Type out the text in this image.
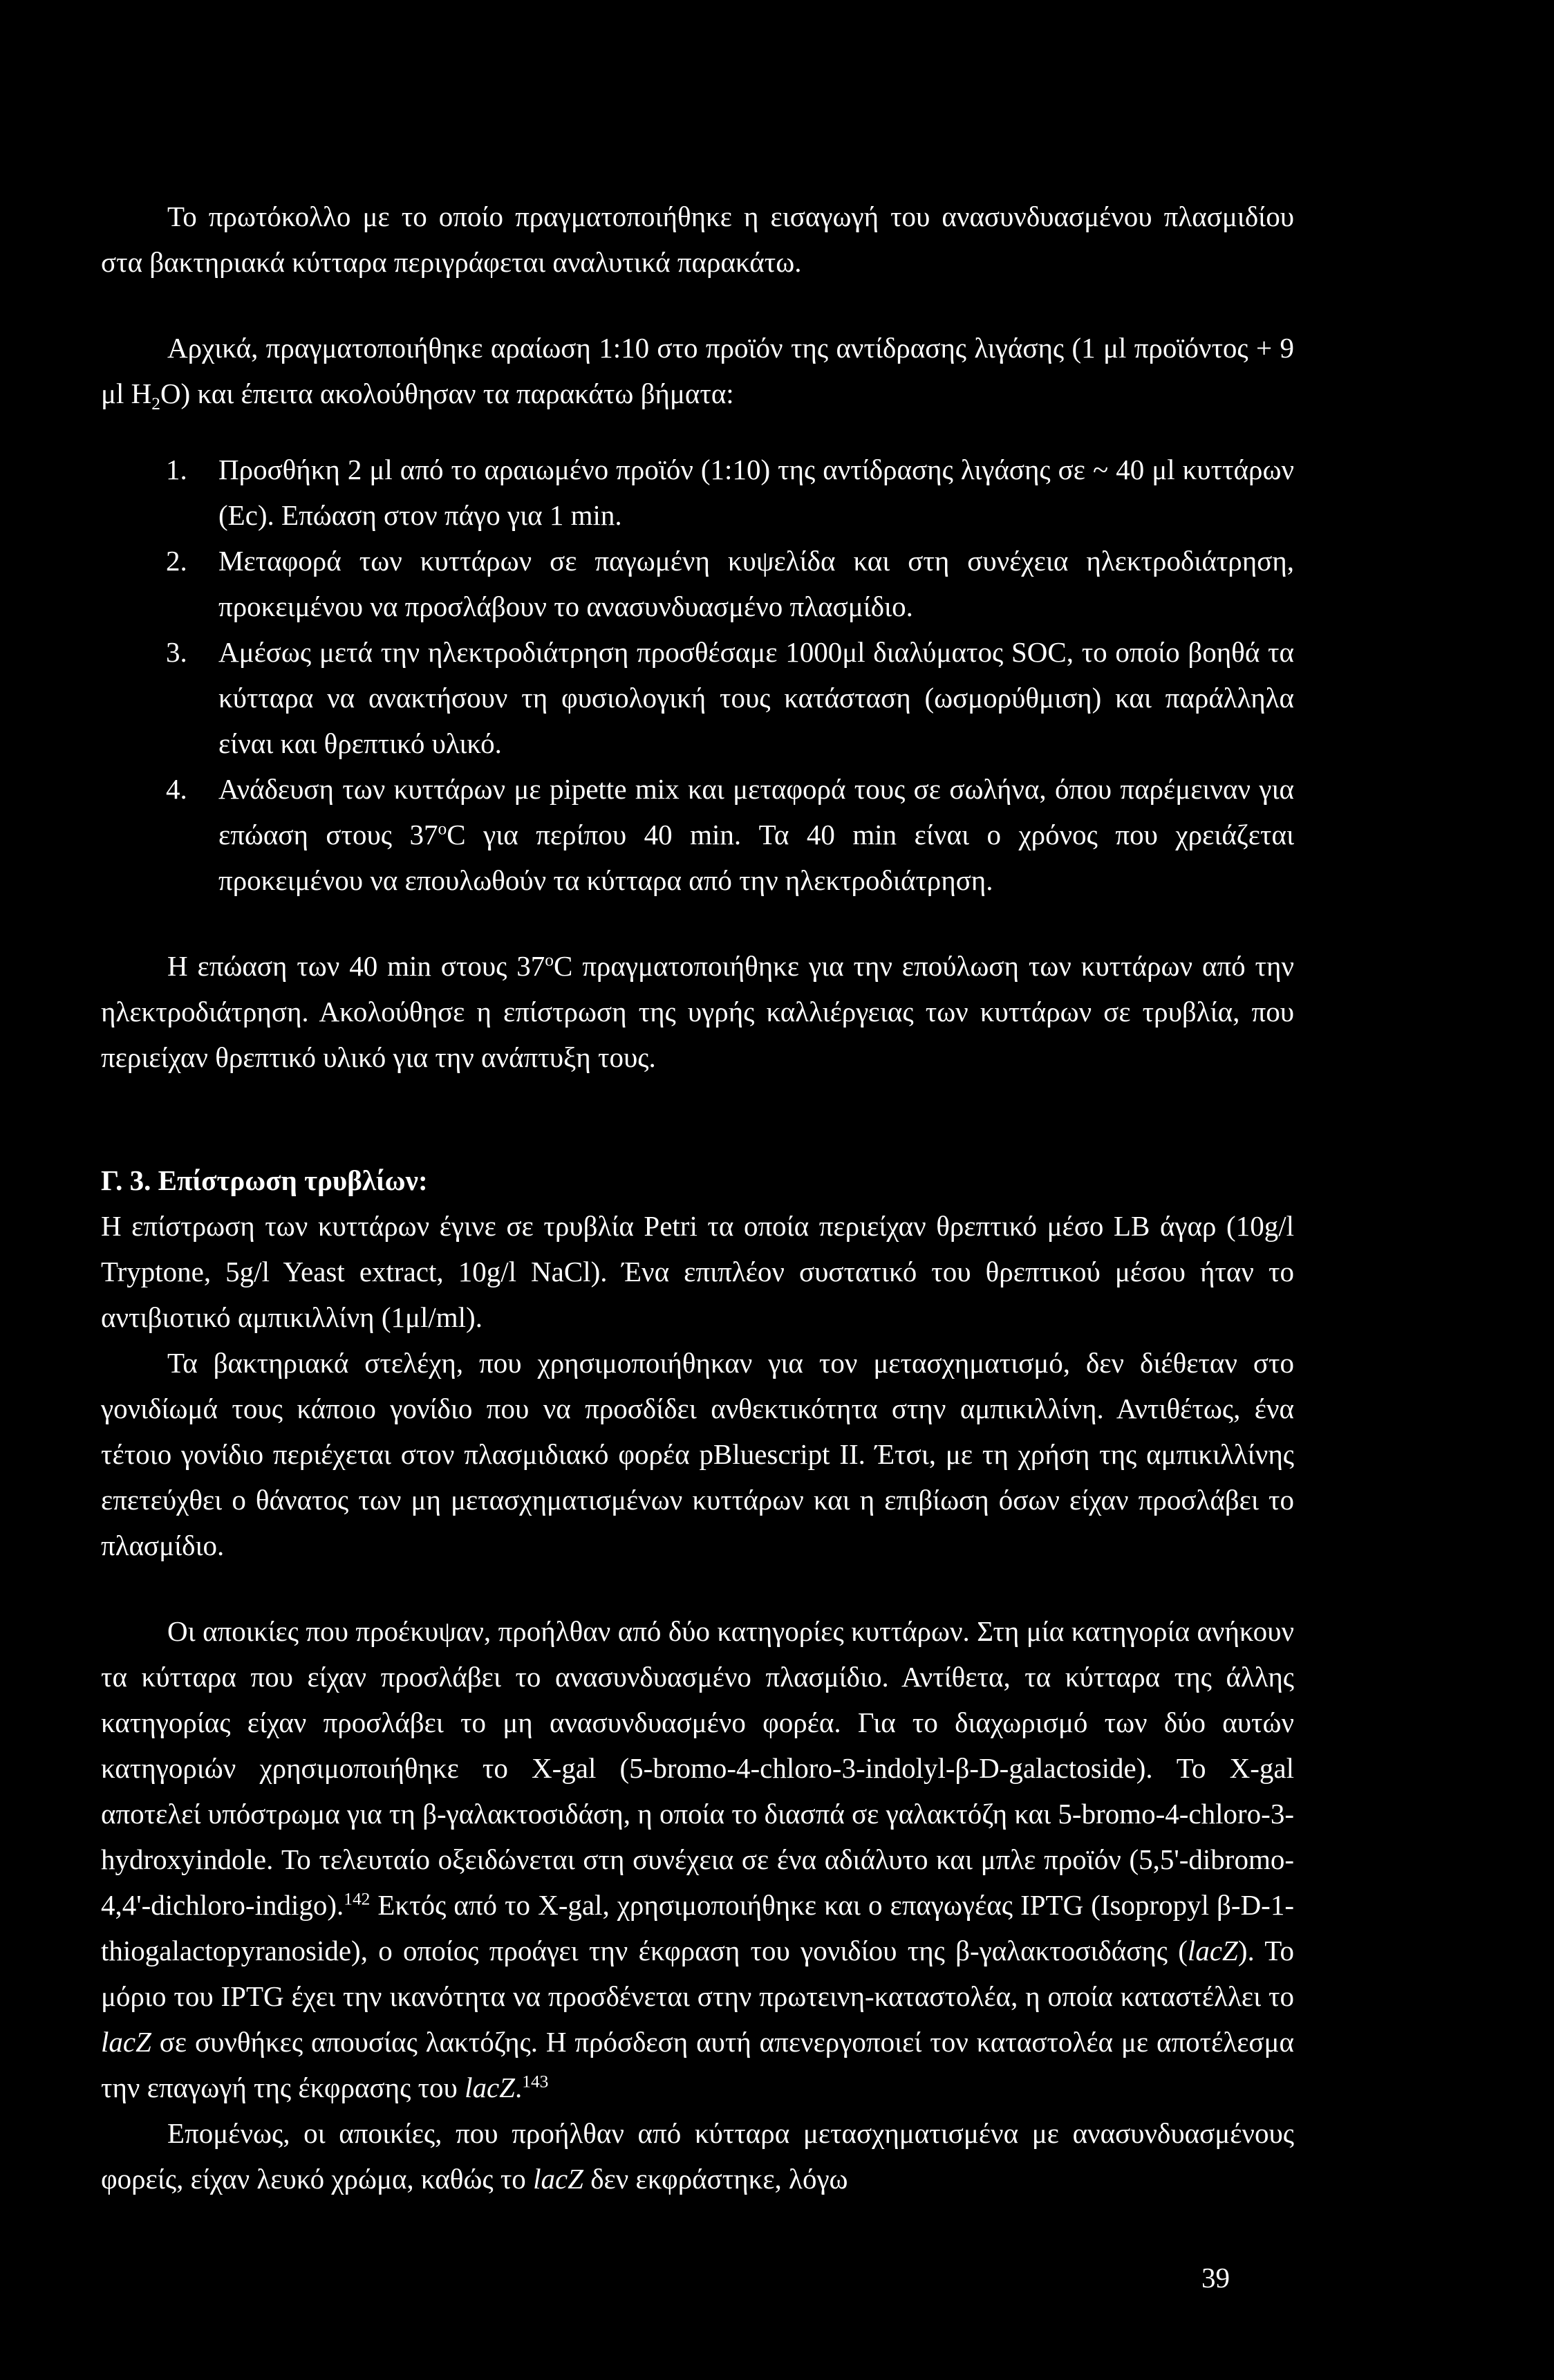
Το πρωτόκολλο με το οποίο πραγματοποιήθηκε η εισαγωγή του ανασυνδυασμένου πλασμιδίου στα βακτηριακά κύτταρα περιγράφεται αναλυτικά παρακάτω.

Αρχικά, πραγματοποιήθηκε αραίωση 1:10 στο προϊόν της αντίδρασης λιγάσης (1 μl προϊόντος + 9 μl $H_2O$) και έπειτα ακολούθησαν τα παρακάτω βήματα:

1. Προσθήκη 2 μl από το αραιωμένο προϊόν (1:10) της αντίδρασης λιγάσης σε ~ 40 μl κυττάρων (Ec). Επώαση στον πάγο για 1 min.
2. Μεταφορά των κυττάρων σε παγωμένη κυψελίδα και στη συνέχεια ηλεκτροδιάτρηση, προκειμένου να προσλάβουν το ανασυνδυασμένο πλασμίδιο.
3. Αμέσως μετά την ηλεκτροδιάτρηση προσθέσαμε 1000μl διαλύματος SOC, το οποίο βοηθά τα κύτταρα να ανακτήσουν τη φυσιολογική τους κατάσταση (ωσμορύθμιση) και παράλληλα είναι και θρεπτικό υλικό.
4. Ανάδευση των κυττάρων με pipette mix και μεταφορά τους σε σωλήνα, όπου παρέμειναν για επώαση στους 37$^o$C για περίπου 40 min. Τα 40 min είναι ο χρόνος που χρειάζεται προκειμένου να επουλωθούν τα κύτταρα από την ηλεκτροδιάτρηση.

Η επώαση των 40 min στους 37$^o$C πραγματοποιήθηκε για την επούλωση των κυττάρων από την ηλεκτροδιάτρηση. Ακολούθησε η επίστρωση της υγρής καλλιέργειας των κυττάρων σε τρυβλία, που περιείχαν θρεπτικό υλικό για την ανάπτυξη τους.

Γ. 3. Επίστρωση τρυβλίων:

Η επίστρωση των κυττάρων έγινε σε τρυβλία Petri τα οποία περιείχαν θρεπτικό μέσο LB άγαρ (10g/l Tryptone, 5g/l Yeast extract, 10g/l NaCl). Ένα επιπλέον συστατικό του θρεπτικού μέσου ήταν το αντιβιοτικό αμπικιλλίνη (1μl/ml).

Τα βακτηριακά στελέχη, που χρησιμοποιήθηκαν για τον μετασχηματισμό, δεν διέθεταν στο γονιδίωμά τους κάποιο γονίδιο που να προσδίδει ανθεκτικότητα στην αμπικιλλίνη. Αντιθέτως, ένα τέτοιο γονίδιο περιέχεται στον πλασμιδιακό φορέα pBluescript II. Έτσι, με τη χρήση της αμπικιλλίνης επετεύχθει ο θάνατος των μη μετασχηματισμένων κυττάρων και η επιβίωση όσων είχαν προσλάβει το πλασμίδιο.

Οι αποικίες που προέκυψαν, προήλθαν από δύο κατηγορίες κυττάρων. Στη μία κατηγορία ανήκουν τα κύτταρα που είχαν προσλάβει το ανασυνδυασμένο πλασμίδιο. Αντίθετα, τα κύτταρα της άλλης κατηγορίας είχαν προσλάβει το μη ανασυνδυασμένο φορέα. Για το διαχωρισμό των δύο αυτών κατηγοριών χρησιμοποιήθηκε το X-gal (5-bromo-4-chloro-3-indolyl-β-D-galactoside). Το X-gal αποτελεί υπόστρωμα για τη β-γαλακτοσιδάση, η οποία το διασπά σε γαλακτόζη και 5-bromo-4-chloro-3-hydroxyindole. Το τελευταίο οξειδώνεται στη συνέχεια σε ένα αδιάλυτο και μπλε προϊόν (5,5'-dibromo-4,4'-dichloro-indigo).$^{142}$ Εκτός από το X-gal, χρησιμοποιήθηκε και ο επαγωγέας IPTG (Isopropyl β-D-1-thiogalactopyranoside), ο οποίος προάγει την έκφραση του γονιδίου της β-γαλακτοσιδάσης (lacZ). Το μόριο του IPTG έχει την ικανότητα να προσδένεται στην πρωτεινη-καταστολέα, η οποία καταστέλλει το lacZ σε συνθήκες απουσίας λακτόζης. Η πρόσδεση αυτή απενεργοποιεί τον καταστολέα με αποτέλεσμα την επαγωγή της έκφρασης του lacZ.$^{143}$

Επομένως, οι αποικίες, που προήλθαν από κύτταρα μετασχηματισμένα με ανασυνδυασμένους φορείς, είχαν λευκό χρώμα, καθώς το lacZ δεν εκφράστηκε, λόγω

39
